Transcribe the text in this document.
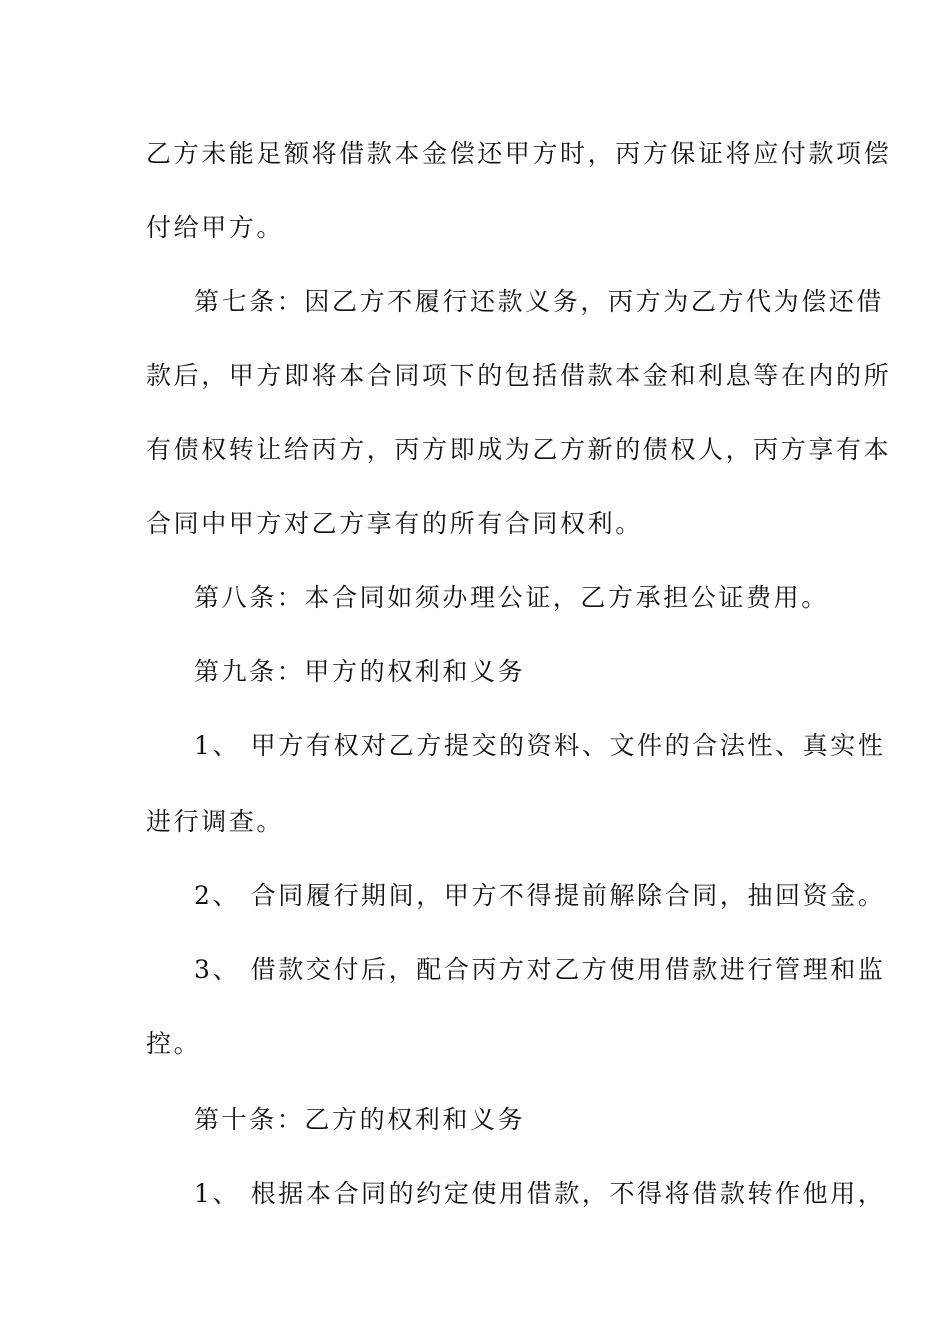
乙方未能足额将借款本金偿还甲方时，丙方保证将应付款项偿
付给甲方。
第七条：因乙方不履行还款义务，丙方为乙方代为偿还借
款后，甲方即将本合同项下的包括借款本金和利息等在内的所
有债权转让给丙方，丙方即成为乙方新的债权人，丙方享有本
合同中甲方对乙方享有的所有合同权利。
第八条：本合同如须办理公证，乙方承担公证费用。
第九条：甲方的权利和义务
1、 甲方有权对乙方提交的资料、文件的合法性、真实性
进行调查。
2、 合同履行期间，甲方不得提前解除合同，抽回资金。
3、 借款交付后，配合丙方对乙方使用借款进行管理和监
控。
第十条：乙方的权利和义务
1、 根据本合同的约定使用借款，不得将借款转作他用，
